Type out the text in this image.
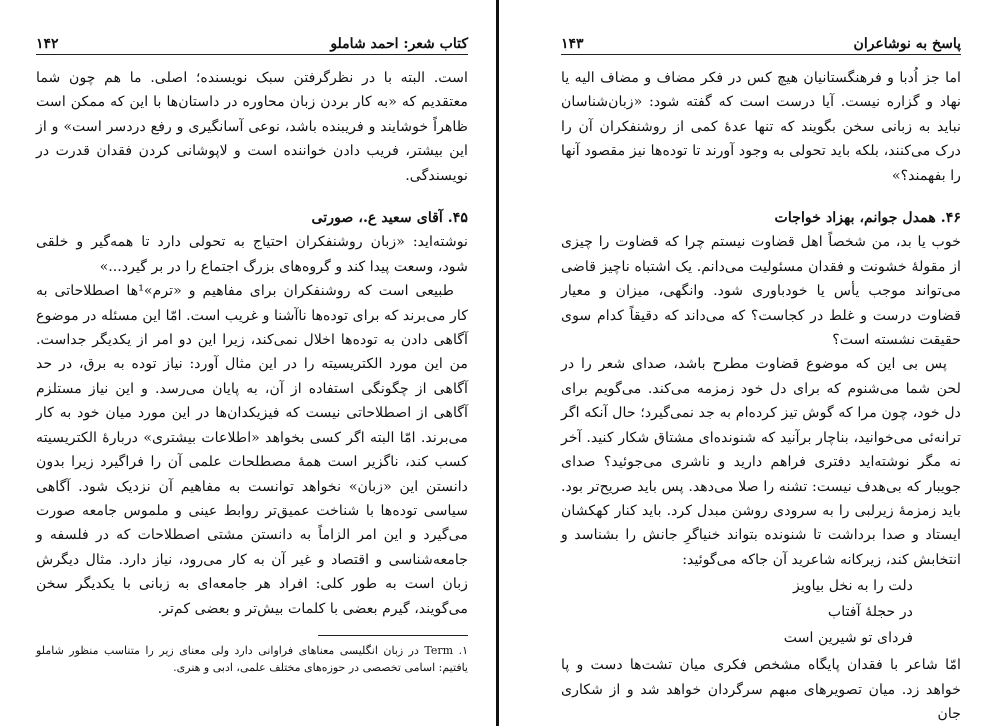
کتاب شعر: احمد شاملو
۱۴۲

است. البته با در نظرگرفتن سبک نویسنده؛ اصلی. ما هم چون شما معتقدیم که «به کار بردن زبان محاوره در داستان‌ها با این که ممکن است ظاهراً خوشایند و فریبنده باشد، نوعی آسانگیری و رفع دردسر است» و از این بیشتر، فریب دادن خواننده است و لاپوشانی کردن فقدان قدرت در نویسندگی.

۴۵. آقای سعید ع.، صورتی

نوشته‌اید: «زبان روشنفکران احتیاج به تحولی دارد تا همه‌گیر و خلقی شود، وسعت پیدا کند و گروه‌های بزرگ اجتماع را در بر گیرد...»

طبیعی است که روشنفکران برای مفاهیم و «ترم»¹ها اصطلاحاتی به کار می‌برند که برای توده‌ها ناآشنا و غریب است. امّا این مسئله در موضوع آگاهی دادن به توده‌ها اخلال نمی‌کند، زیرا این دو امر از یکدیگر جداست. من این مورد الکتریسیته را در این مثال آورد: نیاز توده به برق، در حد آگاهی از چگونگی استفاده از آن، به پایان می‌رسد. و این نیاز مستلزم آگاهی از اصطلاحاتی نیست که فیزیکدان‌ها در این مورد میان خود به کار می‌برند. امّا البته اگر کسی بخواهد «اطلاعات بیشتری» دربارهٔ الکتریسیته کسب کند، ناگزیر است همهٔ مصطلحات علمی آن را فراگیرد زیرا بدون دانستن این «زبان» نخواهد توانست به مفاهیم آن نزدیک شود. آگاهی سیاسی توده‌ها با شناخت عمیق‌تر روابط عینی و ملموس جامعه صورت می‌گیرد و این امر الزاماً به دانستن مشتی اصطلاحات که در فلسفه و جامعه‌شناسی و اقتصاد و غیر آن به کار می‌رود، نیاز دارد. مثال دیگرش زبان است به طور کلی: افراد هر جامعه‌ای به زبانی با یکدیگر سخن می‌گویند، گیرم بعضی با کلمات بیش‌تر و بعضی کم‌تر.

۱. Term در زبان انگلیسی معناهای فراوانی دارد ولی معنای زیر را متناسب منظور شاملو یافتیم: اسامی تخصصی در حوزه‌های مختلف علمی، ادبی و هنری.

پاسخ به نوشاعران
۱۴۳

اما جز اُدبا و فرهنگستانیان هیچ کس در فکر مضاف و مضاف الیه یا نهاد و گزاره نیست. آیا درست است که گفته شود: «زبان‌شناسان نباید به زبانی سخن بگویند که تنها عدهٔ کمی از روشنفکران آن را درک می‌کنند، بلکه باید تحولی به وجود آورند تا توده‌ها نیز مقصود آنها را بفهمند؟»

۴۶. همدل جوانم، بهزاد خواجات

خوب یا بد، من شخصاً اهل قضاوت نیستم چرا که قضاوت را چیزی از مقولهٔ خشونت و فقدان مسئولیت می‌دانم. یک اشتباه ناچیز قاضی می‌تواند موجب یأس یا خودباوری شود. وانگهی، میزان و معیار قضاوت درست و غلط در کجاست؟ که می‌داند که دقیقاً کدام سوی حقیقت نشسته است؟

پس بی این که موضوع قضاوت مطرح باشد، صدای شعر را در لحن شما می‌شنوم که برای دل خود زمزمه می‌کند. می‌گویم برای دل خود، چون مرا که گوش تیز کرده‌ام به جد نمی‌گیرد؛ حال آنکه اگر ترانه‌ئی می‌خوانید، بناچار برآنید که شنونده‌ای مشتاق شکار کنید. آخر نه مگر نوشته‌اید دفتری فراهم دارید و ناشری می‌جوئید؟ صدای جویبار که بی‌هدف نیست: تشنه را صلا می‌دهد. پس باید صریح‌تر بود. باید زمزمهٔ زیرلبی را به سرودی روشن مبدل کرد. باید کنار کهکشان ایستاد و صدا برداشت تا شنونده بتواند خنیاگرِ جانش را بشناسد و انتخابش کند، زیرکانه شاعرید آن جاکه می‌گوئید:

دلت را به نخل بیاویز
در حجلهٔ آفتاب
فردای تو شیرین است

امّا شاعر با فقدان پایگاه مشخص فکری میان تشت‌ها دست و پا خواهد زد. میان تصویرهای مبهم سرگردان خواهد شد و از شکاری جان
